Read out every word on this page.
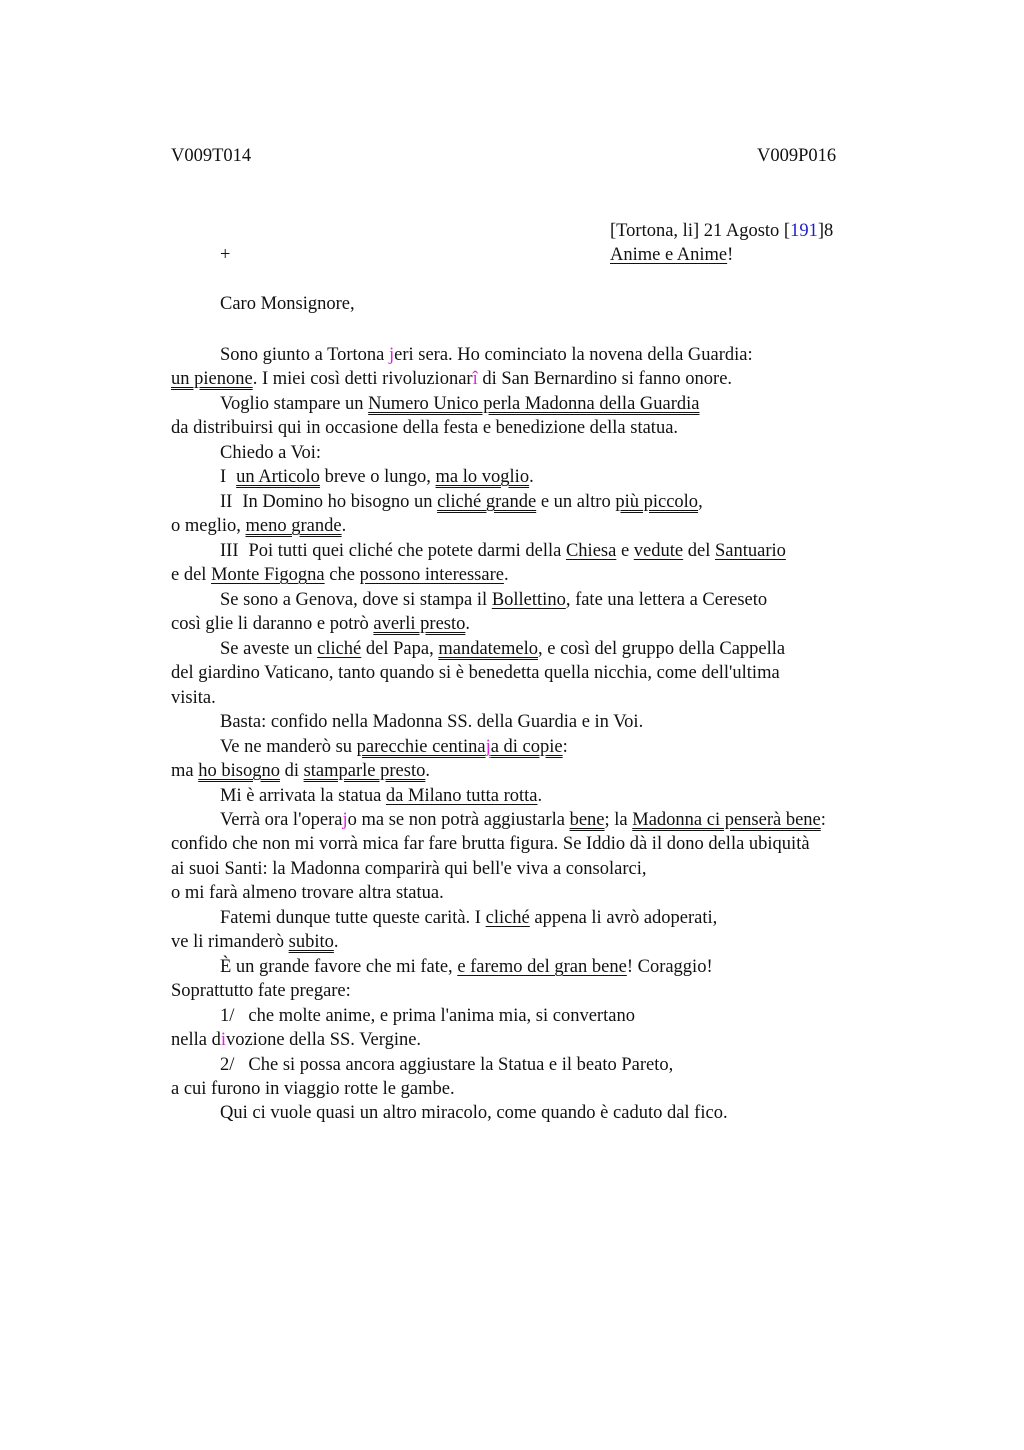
V009T014	V009P016
[Tortona, li] 21 Agosto [191]8
+	Anime e Anime!
Caro Monsignore,
Sono giunto a Tortona jeri sera. Ho cominciato la novena della Guardia:
un pienone. I miei così detti rivoluzionarî di San Bernardino si fanno onore.
Voglio stampare un Numero Unico perla Madonna della Guardia
da distribuirsi qui in occasione della festa e benedizione della statua.
Chiedo a Voi:
I un Articolo breve o lungo, ma lo voglio.
II In Domino ho bisogno un cliché grande e un altro più piccolo,
o meglio, meno grande.
III Poi tutti quei cliché che potete darmi della Chiesa e vedute del Santuario
e del Monte Figogna che possono interessare.
Se sono a Genova, dove si stampa il Bollettino, fate una lettera a Cereseto
così glie li daranno e potrò averli presto.
Se aveste un cliché del Papa, mandatemelo, e così del gruppo della Cappella
del giardino Vaticano, tanto quando si è benedetta quella nicchia, come dell'ultima
visita.
Basta: confido nella Madonna SS. della Guardia e in Voi.
Ve ne manderò su parecchie centinaja di copie:
ma ho bisogno di stamparle presto.
Mi è arrivata la statua da Milano tutta rotta.
Verrà ora l'operajo ma se non potrà aggiustarla bene; la Madonna ci penserà bene:
confido che non mi vorrà mica far fare brutta figura. Se Iddio dà il dono della ubiquità
ai suoi Santi: la Madonna comparirà qui bell'e viva a consolarci,
o mi farà almeno trovare altra statua.
Fatemi dunque tutte queste carità. I cliché appena li avrò adoperati,
ve li rimanderò subito.
È un grande favore che mi fate, e faremo del gran bene! Coraggio!
Soprattutto fate pregare:
1/ che molte anime, e prima l'anima mia, si convertano
nella divozione della SS. Vergine.
2/ Che si possa ancora aggiustare la Statua e il beato Pareto,
a cui furono in viaggio rotte le gambe.
Qui ci vuole quasi un altro miracolo, come quando è caduto dal fico.
